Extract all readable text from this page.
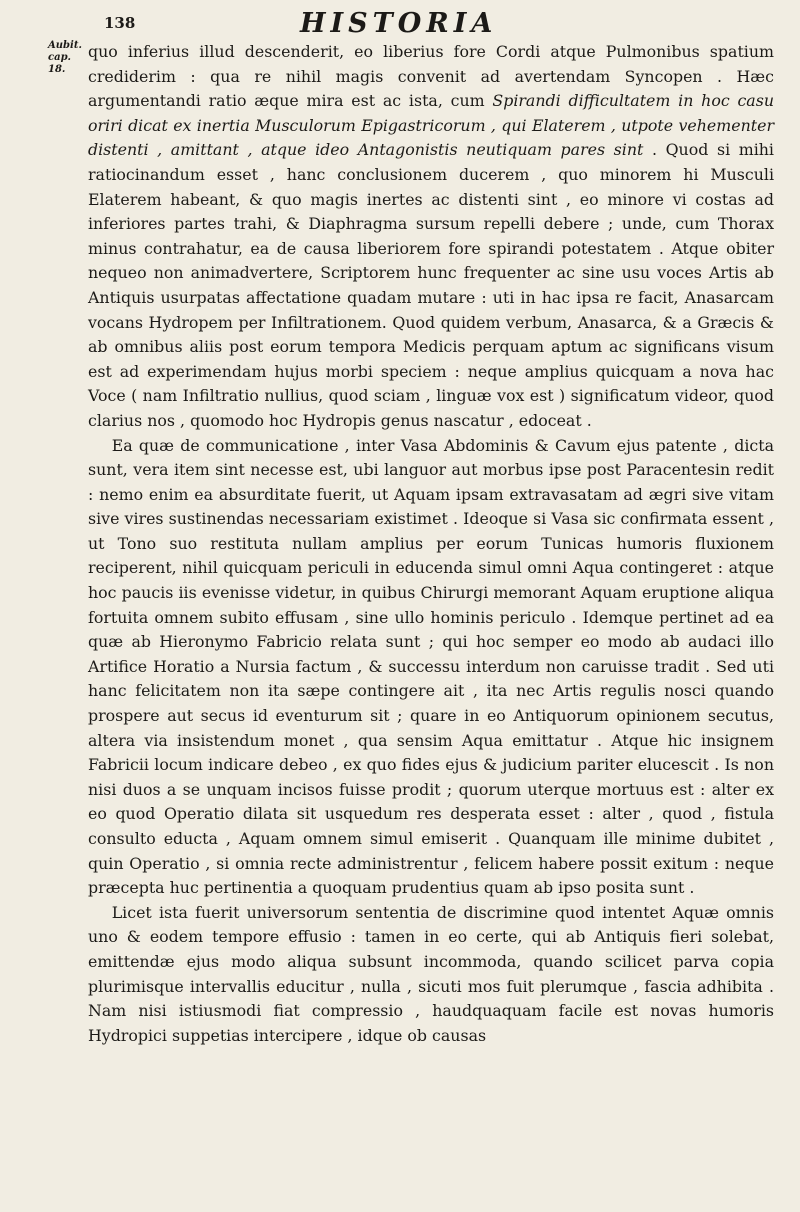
138	HISTORIA
Aubit. cap. 18.

quo inferius illud descenderit, eo liberius fore Cordi atque Pulmonibus spatium crediderim : qua re nihil magis convenit ad avertendam Syncopen . Hæc argumentandi ratio æque mira est ac ista, cum Spirandi difficultatem in hoc casu oriri dicat ex inertia Musculorum Epigastricorum , qui Elaterem , utpote vehementer distenti , amittant , atque ideo Antagonistis neutiquam pares sint . Quod si mihi ratiocinandum esset , hanc conclusionem ducerem , quo minorem hi Musculi Elaterem habeant, & quo magis inertes ac distenti sint , eo minore vi costas ad inferiores partes trahi, & Diaphragma sursum repelli debere ; unde, cum Thorax minus contrahatur, ea de causa liberiorem fore spirandi potestatem . Atque obiter nequeo non animadvertere, Scriptorem hunc frequenter ac sine usu voces Artis ab Antiquis usurpatas affectatione quadam mutare : uti in hac ipsa re facit, Anasarcam vocans Hydropem per Infiltrationem. Quod quidem verbum, Anasarca, & a Græcis & ab omnibus aliis post eorum tempora Medicis perquam aptum ac significans visum est ad experimendam hujus morbi speciem : neque amplius quicquam a nova hac Voce ( nam Infiltratio nullius, quod sciam , linguæ vox est ) significatum videor, quod clarius nos , quomodo hoc Hydropis genus nascatur , edoceat .

Ea quæ de communicatione , inter Vasa Abdominis & Cavum ejus patente , dicta sunt, vera item sint necesse est, ubi languor aut morbus ipse post Paracentesin redit : nemo enim ea absurditate fuerit, ut Aquam ipsam extravasatam ad ægri sive vitam sive vires sustinendas necessariam existimet . Ideoque si Vasa sic confirmata essent , ut Tono suo restituta nullam amplius per eorum Tunicas humoris fluxionem reciperent, nihil quicquam periculi in educenda simul omni Aqua contingeret : atque hoc paucis iis evenisse videtur, in quibus Chirurgi memorant Aquam eruptione aliqua fortuita omnem subito effusam , sine ullo hominis periculo . Idemque pertinet ad ea quæ ab Hieronymo Fabricio relata sunt ; qui hoc semper eo modo ab audaci illo Artifice Horatio a Nursia factum , & successu interdum non caruisse tradit . Sed uti hanc felicitatem non ita sæpe contingere ait , ita nec Artis regulis nosci quando prospere aut secus id eventurum sit ; quare in eo Antiquorum opinionem secutus, altera via insistendum monet , qua sensim Aqua emittatur . Atque hic insignem Fabricii locum indicare debeo , ex quo fides ejus & judicium pariter elucescit . Is non nisi duos a se unquam incisos fuisse prodit ; quorum uterque mortuus est : alter ex eo quod Operatio dilata sit usquedum res desperata esset : alter , quod , fistula consulto educta , Aquam omnem simul emiserit . Quanquam ille minime dubitet , quin Operatio , si omnia recte administrentur , felicem habere possit exitum : neque præcepta huc pertinentia a quoquam prudentius quam ab ipso posita sunt .

Licet ista fuerit universorum sententia de discrimine quod intentet Aquæ omnis uno & eodem tempore effusio : tamen in eo certe, qui ab Antiquis fieri solebat, emittendæ ejus modo aliqua subsunt incommoda, quando scilicet parva copia plurimisque intervallis educitur , nulla , sicuti mos fuit plerumque , fascia adhibita . Nam nisi istiusmodi fiat compressio , haudquaquam facile est novas humoris Hydropici suppetias intercipere , idque ob causas
